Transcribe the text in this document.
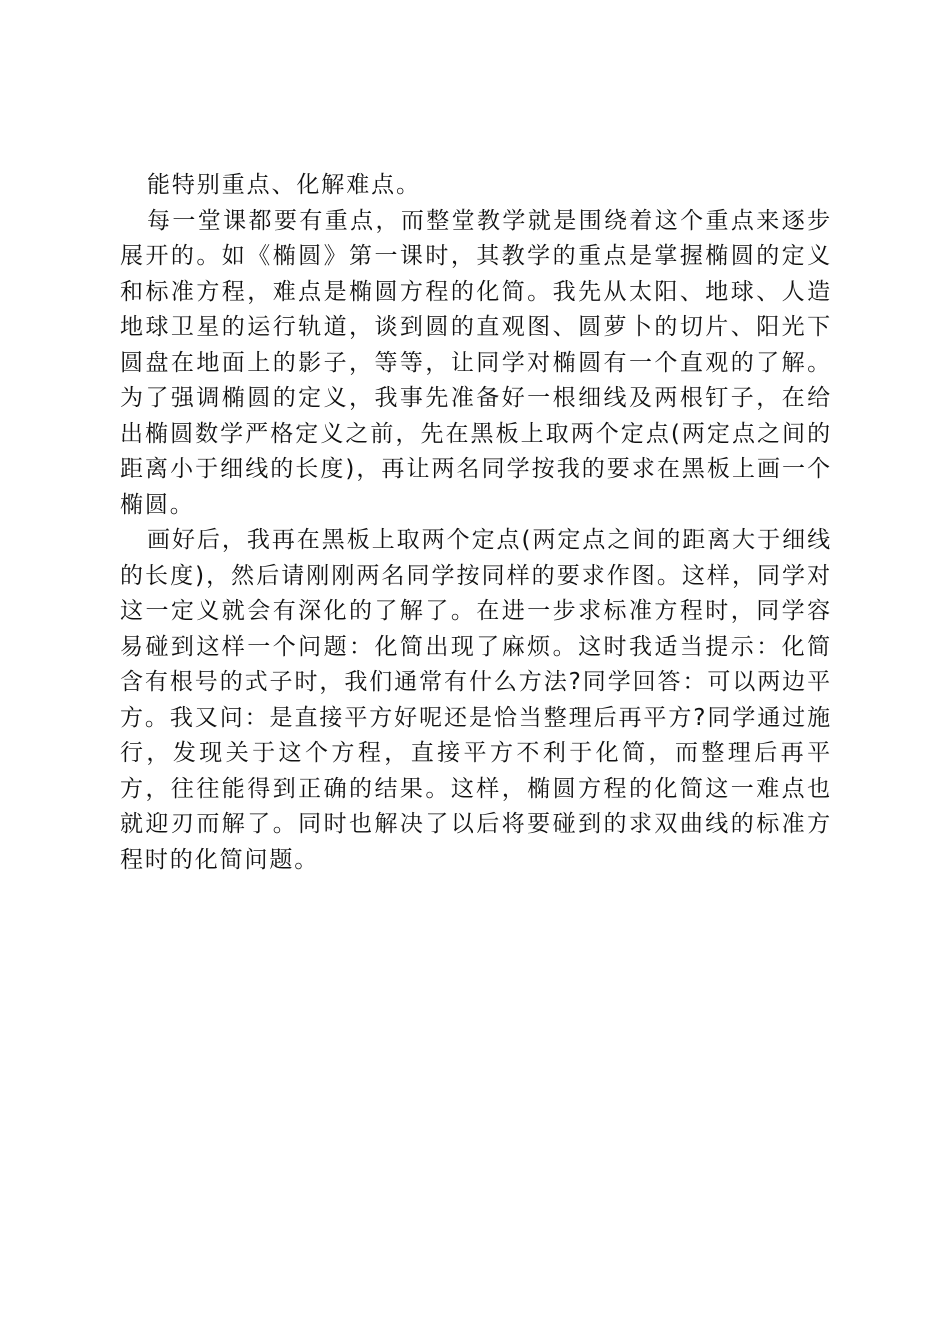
能特别重点、化解难点。

每一堂课都要有重点，而整堂教学就是围绕着这个重点来逐步展开的。如《椭圆》第一课时，其教学的重点是掌握椭圆的定义和标准方程，难点是椭圆方程的化简。我先从太阳、地球、人造地球卫星的运行轨道，谈到圆的直观图、圆萝卜的切片、阳光下圆盘在地面上的影子，等等，让同学对椭圆有一个直观的了解。为了强调椭圆的定义，我事先准备好一根细线及两根钉子，在给出椭圆数学严格定义之前，先在黑板上取两个定点(两定点之间的距离小于细线的长度)，再让两名同学按我的要求在黑板上画一个椭圆。

画好后，我再在黑板上取两个定点(两定点之间的距离大于细线的长度)，然后请刚刚两名同学按同样的要求作图。这样，同学对这一定义就会有深化的了解了。在进一步求标准方程时，同学容易碰到这样一个问题：化简出现了麻烦。这时我适当提示：化简含有根号的式子时，我们通常有什么方法?同学回答：可以两边平方。我又问：是直接平方好呢还是恰当整理后再平方?同学通过施行，发现关于这个方程，直接平方不利于化简，而整理后再平方，往往能得到正确的结果。这样，椭圆方程的化简这一难点也就迎刃而解了。同时也解决了以后将要碰到的求双曲线的标准方程时的化简问题。
